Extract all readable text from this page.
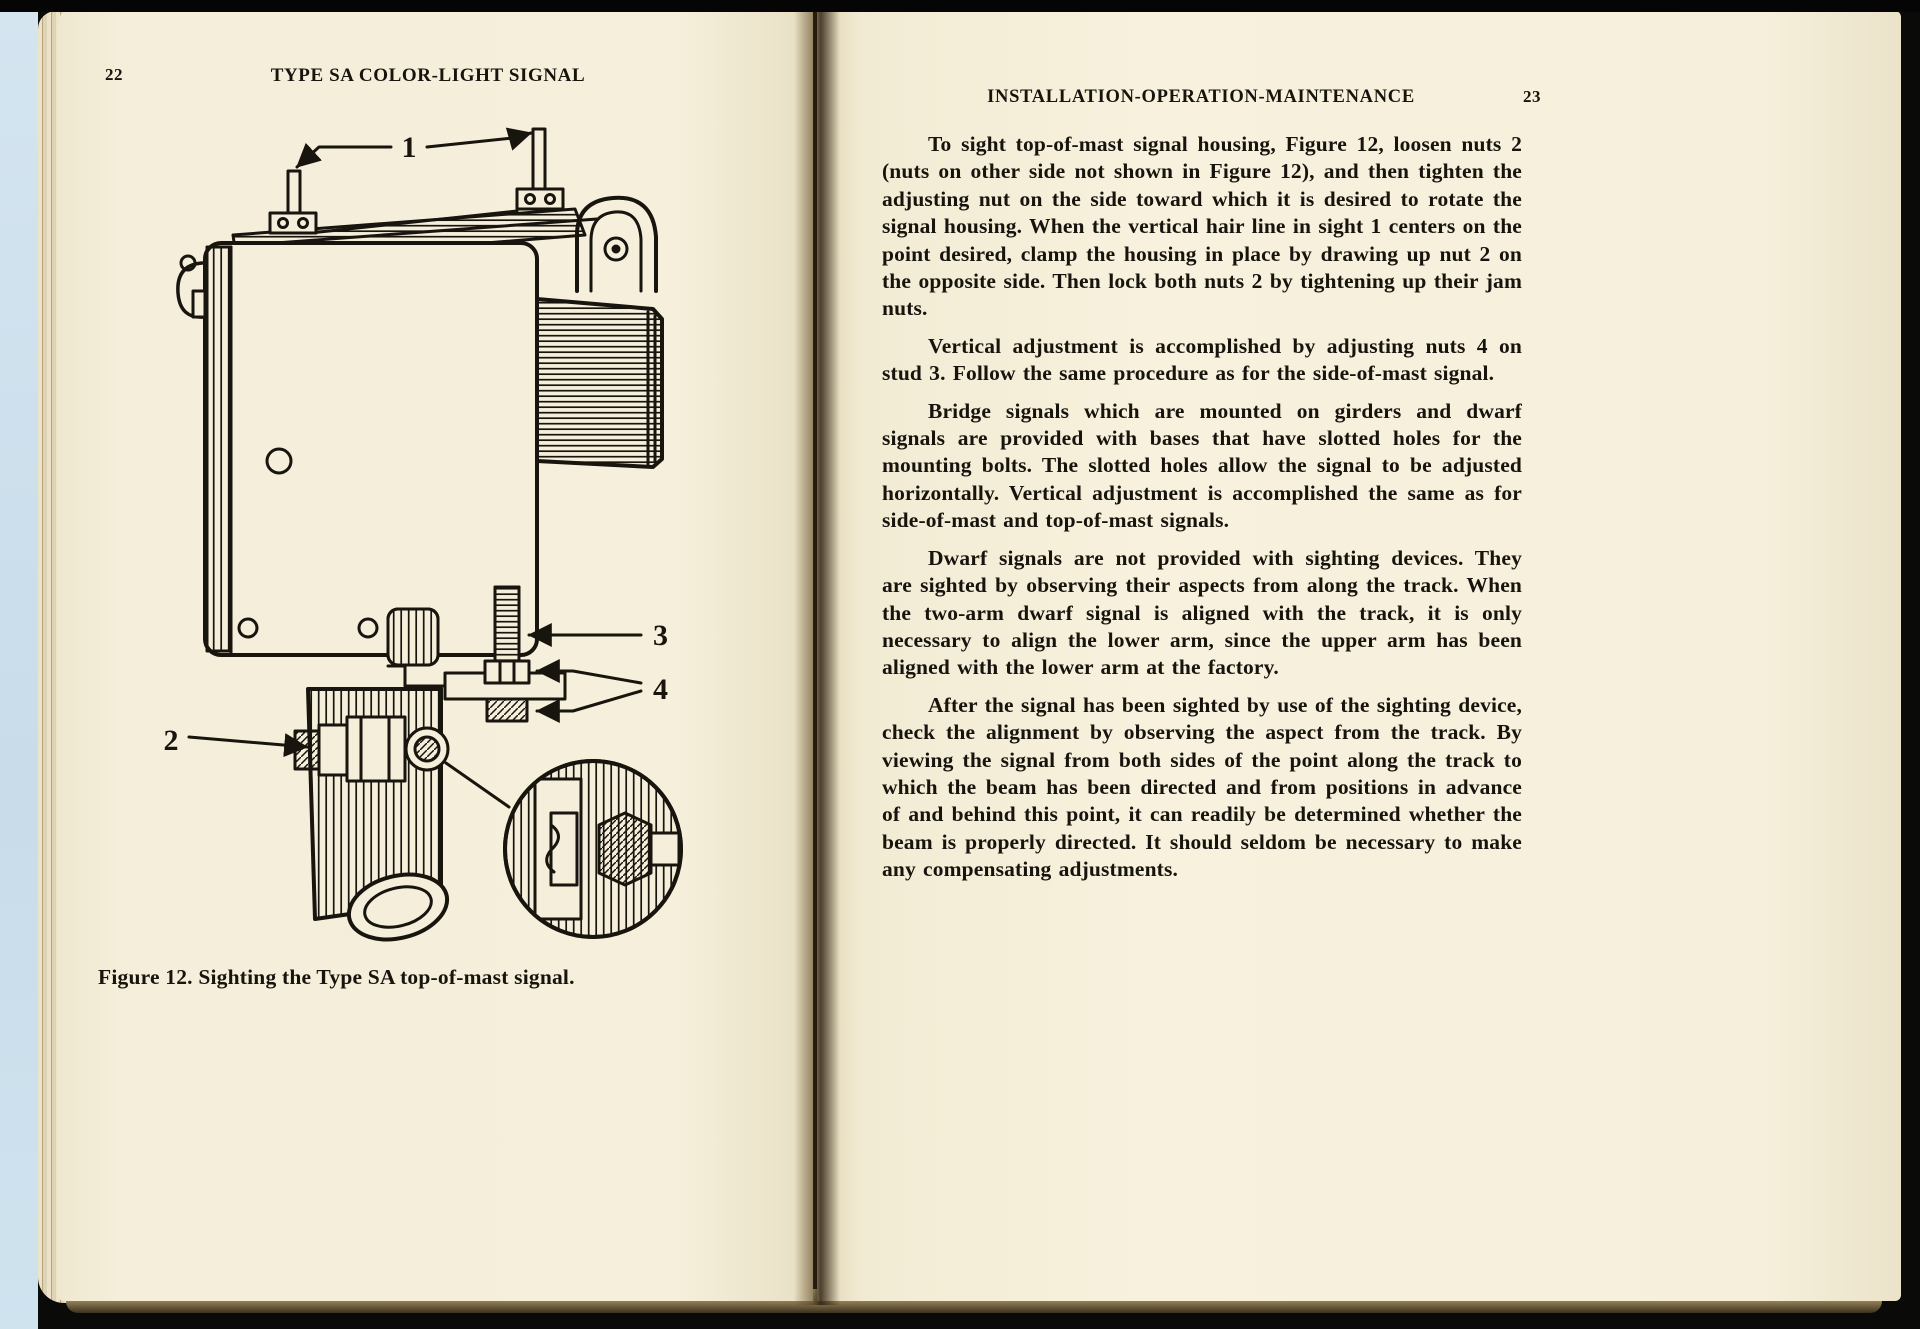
22	TYPE SA COLOR-LIGHT SIGNAL
1
2
3
4
Figure 12. Sighting the Type SA top-of-mast signal.
INSTALLATION-OPERATION-MAINTENANCE	23

To sight top-of-mast signal housing, Figure 12, loosen nuts 2 (nuts on other side not shown in Figure 12), and then tighten the adjusting nut on the side toward which it is desired to rotate the signal housing. When the vertical hair line in sight 1 centers on the point desired, clamp the housing in place by drawing up nut 2 on the opposite side. Then lock both nuts 2 by tightening up their jam nuts.

Vertical adjustment is accomplished by adjusting nuts 4 on stud 3. Follow the same procedure as for the side-of-mast signal.

Bridge signals which are mounted on girders and dwarf signals are provided with bases that have slotted holes for the mounting bolts. The slotted holes allow the signal to be adjusted horizontally. Vertical adjustment is accomplished the same as for side-of-mast and top-of-mast signals.

Dwarf signals are not provided with sighting devices. They are sighted by observing their aspects from along the track. When the two-arm dwarf signal is aligned with the track, it is only necessary to align the lower arm, since the upper arm has been aligned with the lower arm at the factory.

After the signal has been sighted by use of the sighting device, check the alignment by observing the aspect from the track. By viewing the signal from both sides of the point along the track to which the beam has been directed and from positions in advance of and behind this point, it can readily be determined whether the beam is properly directed. It should seldom be necessary to make any compensating adjustments.
